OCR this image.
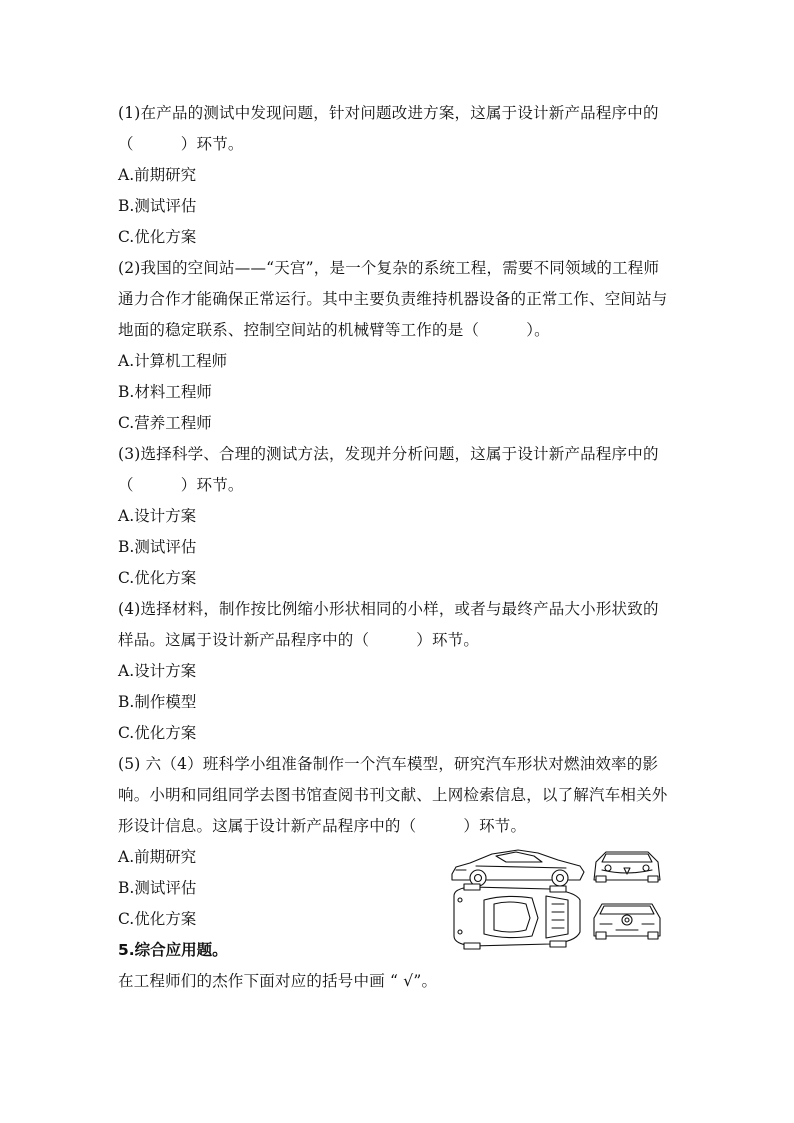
(1)在产品的测试中发现问题，针对问题改进方案，这属于设计新产品程序中的
（　　　）环节。
A.前期研究
B.测试评估
C.优化方案
(2)我国的空间站——“天宫”，是一个复杂的系统工程，需要不同领域的工程师
通力合作才能确保正常运行。其中主要负责维持机器设备的正常工作、空间站与
地面的稳定联系、控制空间站的机械臂等工作的是（　　　）。
A.计算机工程师
B.材料工程师
C.营养工程师
(3)选择科学、合理的测试方法，发现并分析问题，这属于设计新产品程序中的
（　　　）环节。
A.设计方案
B.测试评估
C.优化方案
(4)选择材料，制作按比例缩小形状相同的小样，或者与最终产品大小形状致的
样品。这属于设计新产品程序中的（　　　）环节。
A.设计方案
B.制作模型
C.优化方案
(5) 六（4）班科学小组准备制作一个汽车模型，研究汽车形状对燃油效率的影
响。小明和同组同学去图书馆查阅书刊文献、上网检索信息，以了解汽车相关外
形设计信息。这属于设计新产品程序中的（　　　）环节。
A.前期研究
B.测试评估
C.优化方案
5.综合应用题。
在工程师们的杰作下面对应的括号中画 “ √”。
